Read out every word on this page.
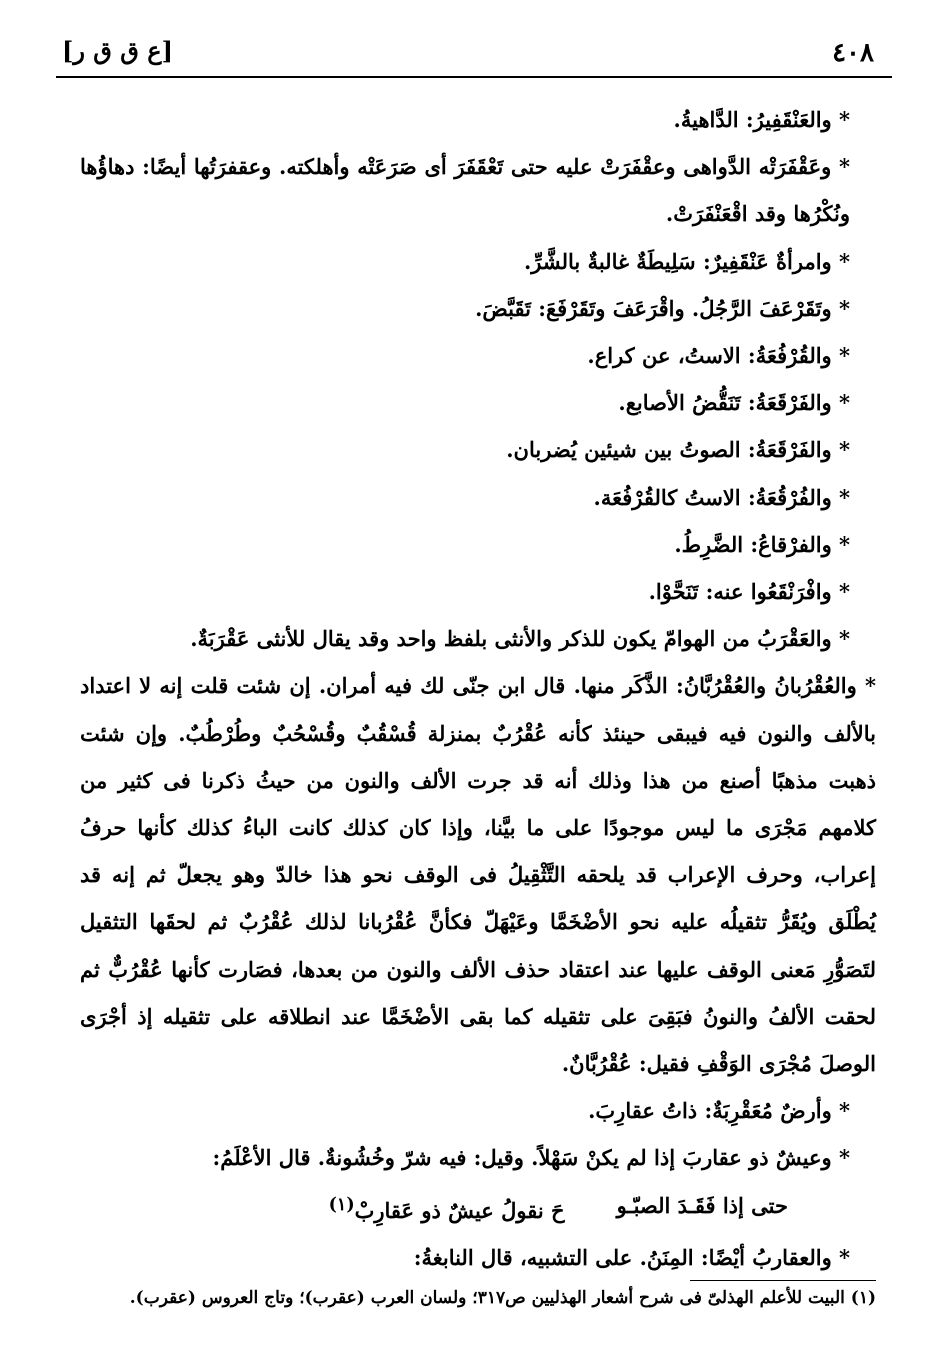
٤٠٨
[ع ق ق ر]

* والعَنْقَفِيرُ: الدَّاهيةُ.

* وعَقْفَرَتْه الدَّواهى وعقْفَرَتْ عليه حتى تَعْقَفَرَ أى صَرَعَتْه وأهلكته. وعقفرَتُها أيضًا: دهاؤُها ونُكْرُها وقد اقْعَنْفَرَتْ.

* وامرأةٌ عَنْقَفِيرٌ: سَلِيطَةٌ غالبةٌ بالشَّرِّ.

* وتَقَرْعَفَ الرَّجُلُ. واقْرَعَفَ وتَقَرْفَعَ: تَقَبَّضَ.

* والقُرْفُعَةُ: الاستُ، عن كراع.

* والفَرْقَعَةُ: تَنَقُّضُ الأصابع.

* والفَرْقَعَةُ: الصوتُ بين شيئين يُضربان.

* والفُرْقُعَةُ: الاستُ كالقُرْفُعَة.

* والفرْقاعُ: الضَّرِطُ.

* وافْرَنْقَعُوا عنه: تَنَحَّوْا.

* والعَقْرَبُ من الهوامّ يكون للذكر والأنثى بلفظ واحد وقد يقال للأنثى عَقْرَبَةٌ.

* والعُقْرُبانُ والعُقْرُبَّانُ: الذَّكَر منها. قال ابن جنّى لك فيه أمران. إن شئت قلت إنه لا اعتداد بالألف والنون فيه فيبقى حينئذ كأنه عُقْرُبٌ بمنزلة قُسْقُبٌ وقُسْحُبٌ وطُرْطُبٌ. وإن شئت ذهبت مذهبًا أصنع من هذا وذلك أنه قد جرت الألف والنون من حيثُ ذكرنا فى كثير من كلامهم مَجْرَى ما ليس موجودًا على ما بيَّنا، وإذا كان كذلك كانت الباءُ كذلك كأنها حرفُ إعراب، وحرف الإعراب قد يلحقه التَّثْقِيلُ فى الوقف نحو هذا خالدّ وهو يجعلّ ثم إنه قد يُطْلَق ويُقَرُّ تثقيلُه عليه نحو الأضْخَمَّا وعَيْهَلّ فكأنَّ عُقْرُبانا لذلك عُقْرُبٌ ثم لحقَها التثقيل لتَصَوُّرِ مَعنى الوقف عليها عند اعتقاد حذف الألف والنون من بعدها، فصَارت كأنها عُقْرُبٌّ ثم لحقت الألفُ والنونُ فبَقِىَ على تثقيله كما بقى الأضْخَمَّا عند انطلاقه على تثقيله إذ أجْرَى الوصلَ مُجْرَى الوَقْفِ فقيل: عُقْرُبَّانٌ.

* وأرضٌ مُعَقْرِبَةٌ: ذاتُ عقارِبَ.

* وعيشٌ ذو عقاربَ إذا لم يكنْ سَهْلاً. وقيل: فيه شرّ وخُشُونةٌ. قال الأعْلَمُ:

حتى إذا فَقَـدَ الصبّـو
حَ نقولُ عيشٌ ذو عَقارِبْ$^{(١)}$

* والعقاربُ أيْضًا: المِنَنُ. على التشبيه، قال النابغةُ:

(١) البيت للأعلم الهذلىّ فى شرح أشعار الهذليين ص٣١٧؛ ولسان العرب (عقرب)؛ وتاج العروس (عقرب).
